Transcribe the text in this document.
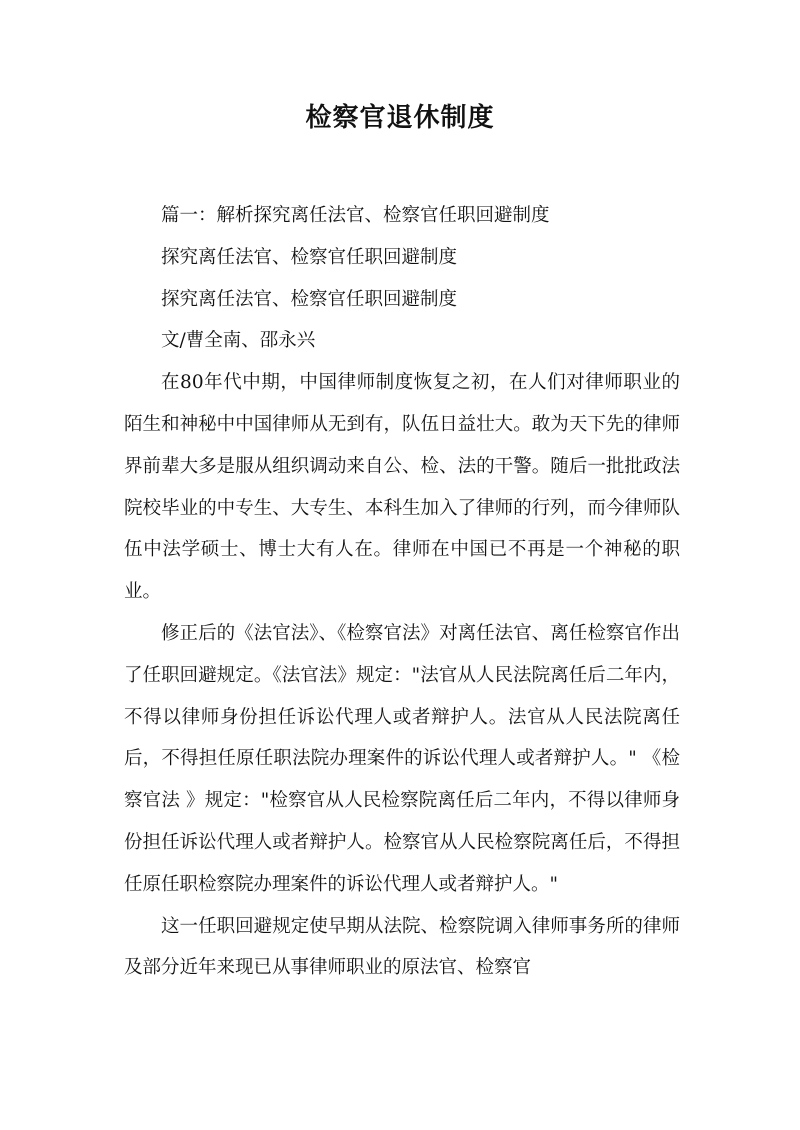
检察官退休制度

篇一：解析探究离任法官、检察官任职回避制度

探究离任法官、检察官任职回避制度

探究离任法官、检察官任职回避制度

文/曹全南、邵永兴

在80年代中期，中国律师制度恢复之初，在人们对律师职业的陌生和神秘中中国律师从无到有，队伍日益壮大。敢为天下先的律师界前辈大多是服从组织调动来自公、检、法的干警。随后一批批政法院校毕业的中专生、大专生、本科生加入了律师的行列，而今律师队伍中法学硕士、博士大有人在。律师在中国已不再是一个神秘的职业。

修正后的《法官法》、《检察官法》对离任法官、离任检察官作出了任职回避规定。《法官法》规定："法官从人民法院离任后二年内，不得以律师身份担任诉讼代理人或者辩护人。法官从人民法院离任后，不得担任原任职法院办理案件的诉讼代理人或者辩护人。" 《检察官法 》规定："检察官从人民检察院离任后二年内，不得以律师身份担任诉讼代理人或者辩护人。检察官从人民检察院离任后，不得担任原任职检察院办理案件的诉讼代理人或者辩护人。"

这一任职回避规定使早期从法院、检察院调入律师事务所的律师及部分近年来现已从事律师职业的原法官、检察官
